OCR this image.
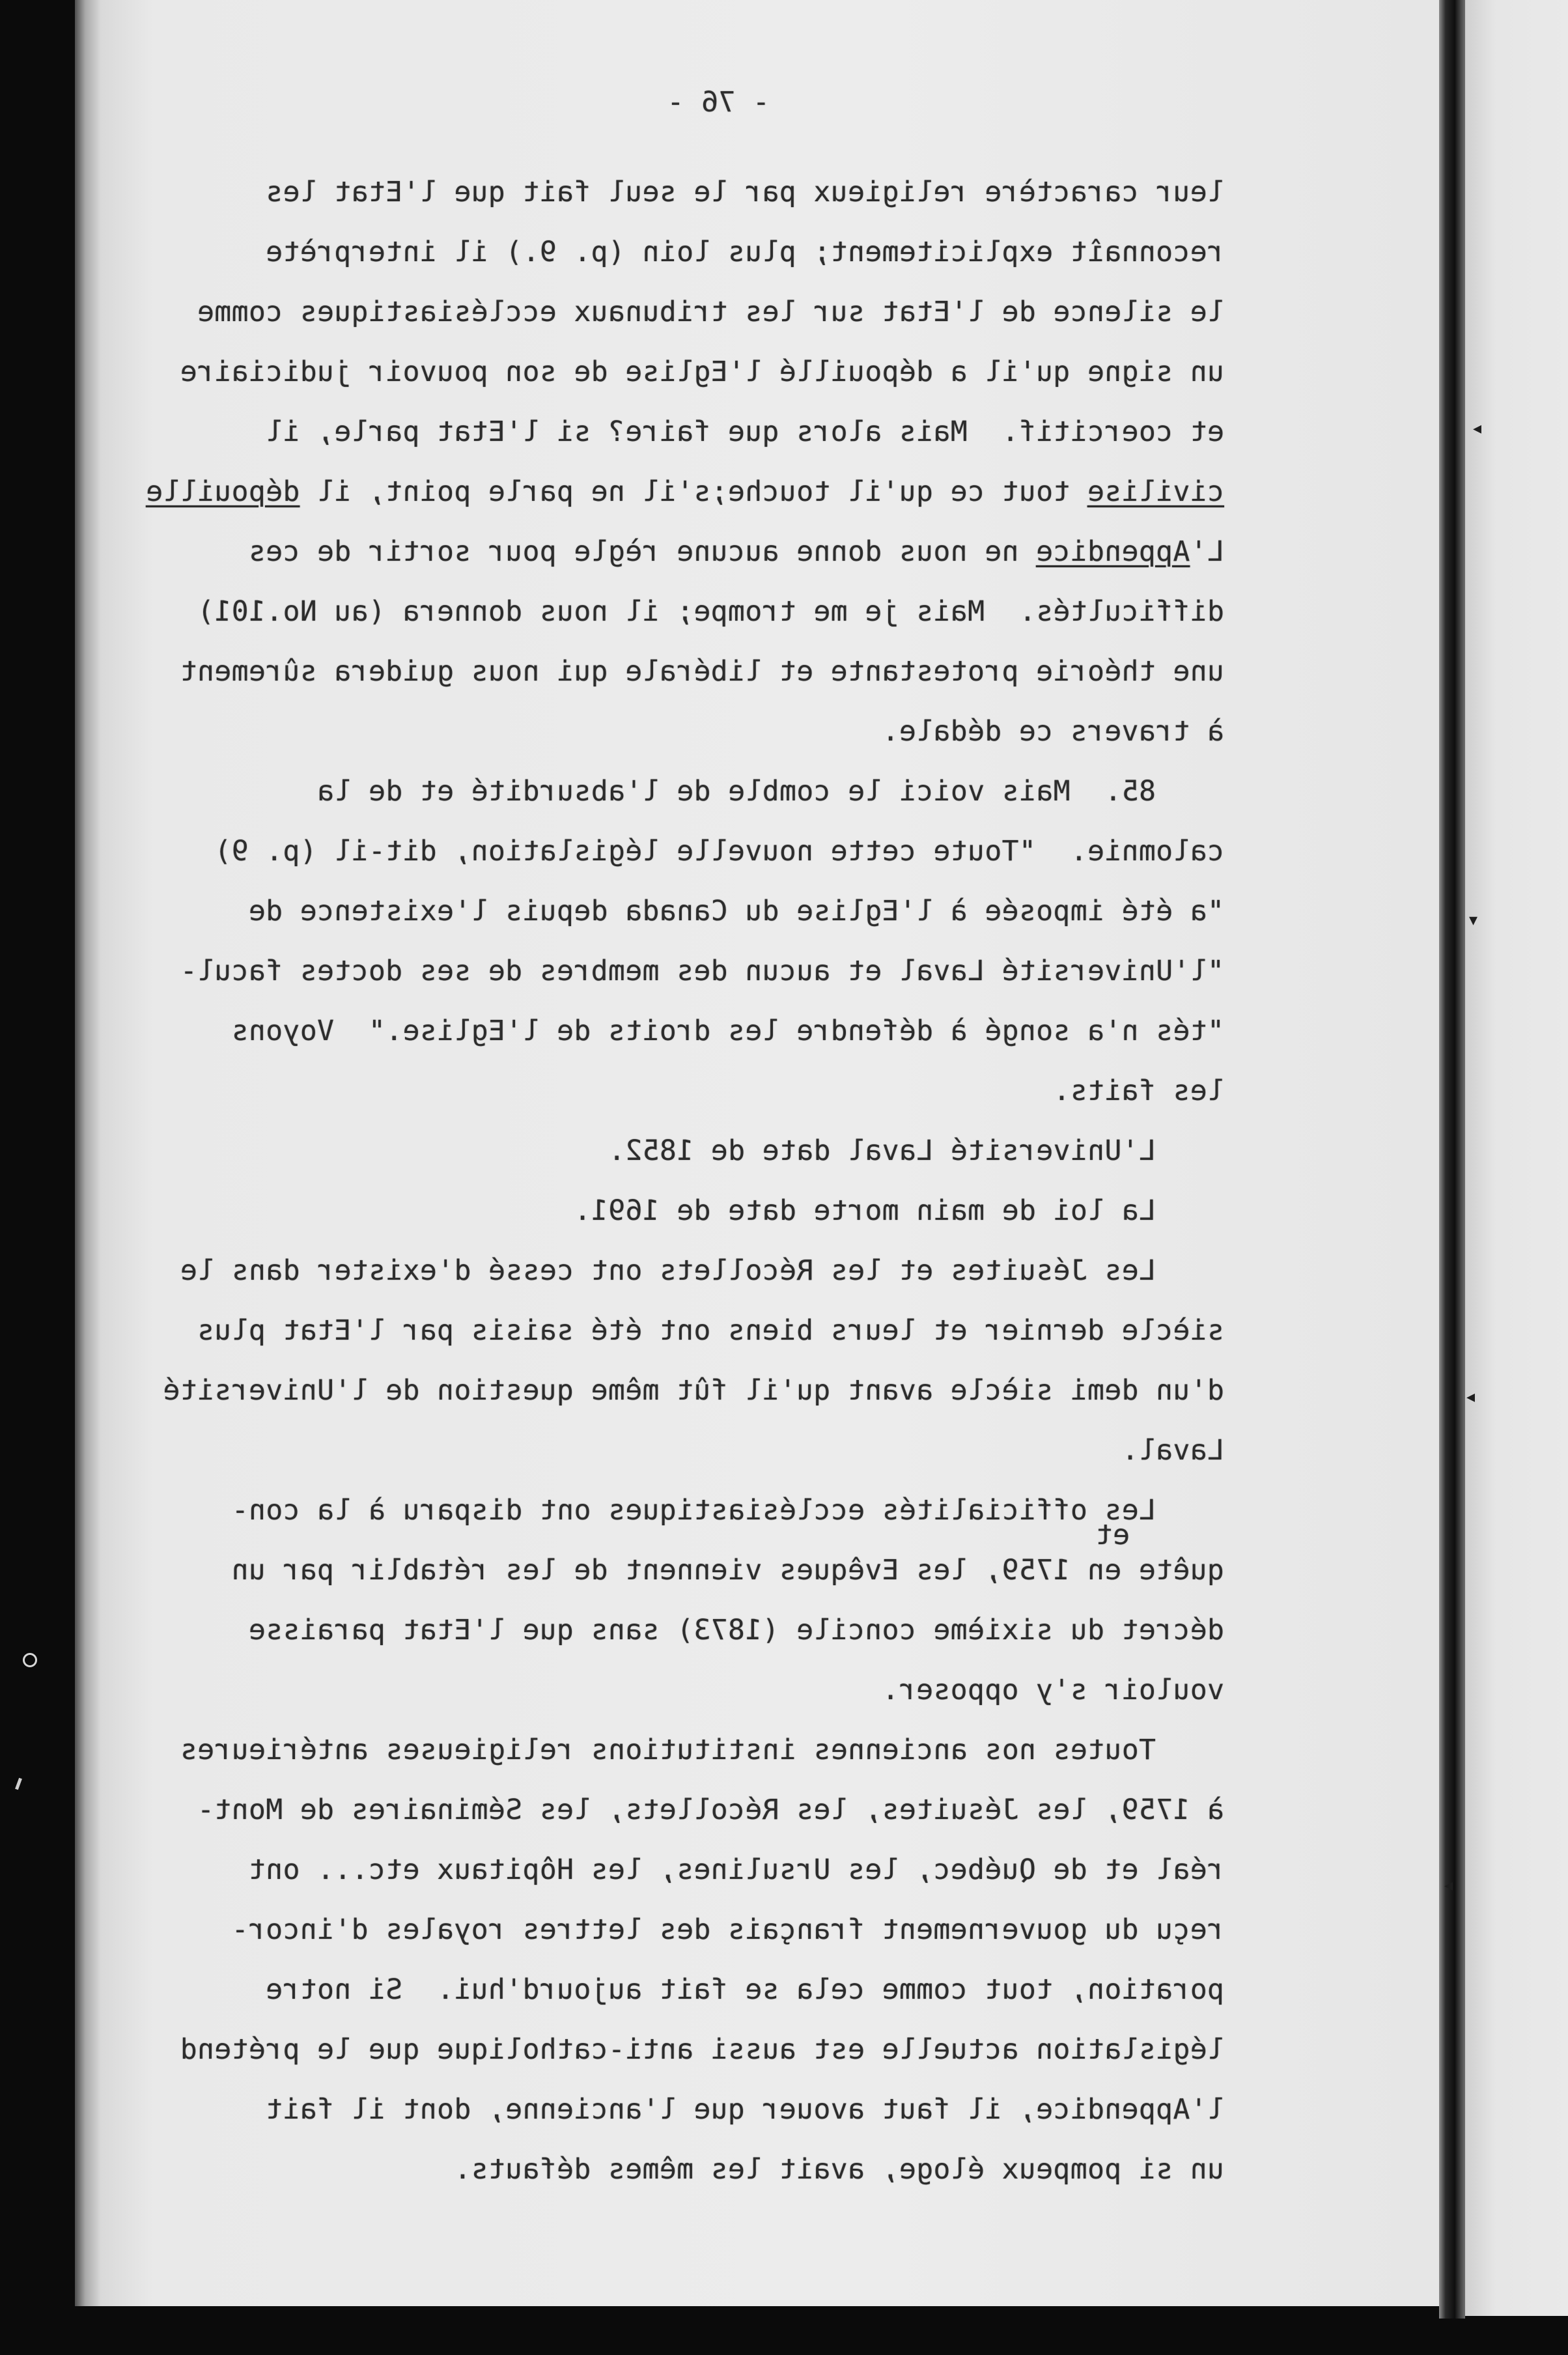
◂
▾
◂
◂
- 76 -
leur caractère religieux par le seul fait que l'Etat les
reconnaît explicitement; plus loin (p. 9.) il interprète
le silence de l'Etat sur les tribunaux ecclésiastiques comme
un signe qu'il a dépouillé l'Eglise de son pouvoir judiciaire
et coercitif.  Mais alors que faire? si l'Etat parle, il
civilise tout ce qu'il touche;s'il ne parle point, il dépouille
L'Appendice ne nous donne aucune règle pour sortir de ces
difficultés.  Mais je me trompe; il nous donnera (au No.101)
une théorie protestante et libérale qui nous guidera sûrement
à travers ce dédale.
85.  Mais voici le comble de l'absurdité et de la
calomnie.  "Toute cette nouvelle législation, dit-il (p. 9)
"a été imposée à l'Eglise du Canada depuis l'existence de
"l'Université Laval et aucun des membres de ses doctes facul-
"tés n'a songé à défendre les droits de l'Eglise."  Voyons
les faits.
L'Université Laval date de 1852.
La loi de main morte date de 1691.
Les Jésuites et les Récollets ont cessé d'exister dans le
siècle dernier et leurs biens ont été saisis par l'Etat plus
d'un demi siècle avant qu'il fût même question de l'Université
Laval.
Les officialités ecclésiastiques ont disparu à la con-
quête en 1759, les Evêques viennent de les rétablir par un
décret du sixième concile (1873) sans que l'Etat paraisse
vouloir s'y opposer.
Toutes nos anciennes institutions religieuses antérieures
à 1759, les Jésuites, les Récollets, les Séminaires de Mont-
réal et de Québec, les Ursulines, les Hôpitaux etc... ont
reçu du gouvernement français des lettres royales d'incor-
poration, tout comme cela se fait aujourd'hui.  Si notre
législation actuelle est aussi anti-catholique que le prétend
l'Appendice, il faut avouer que l'ancienne, dont il fait
un si pompeux éloge, avait les mêmes défauts.
et
